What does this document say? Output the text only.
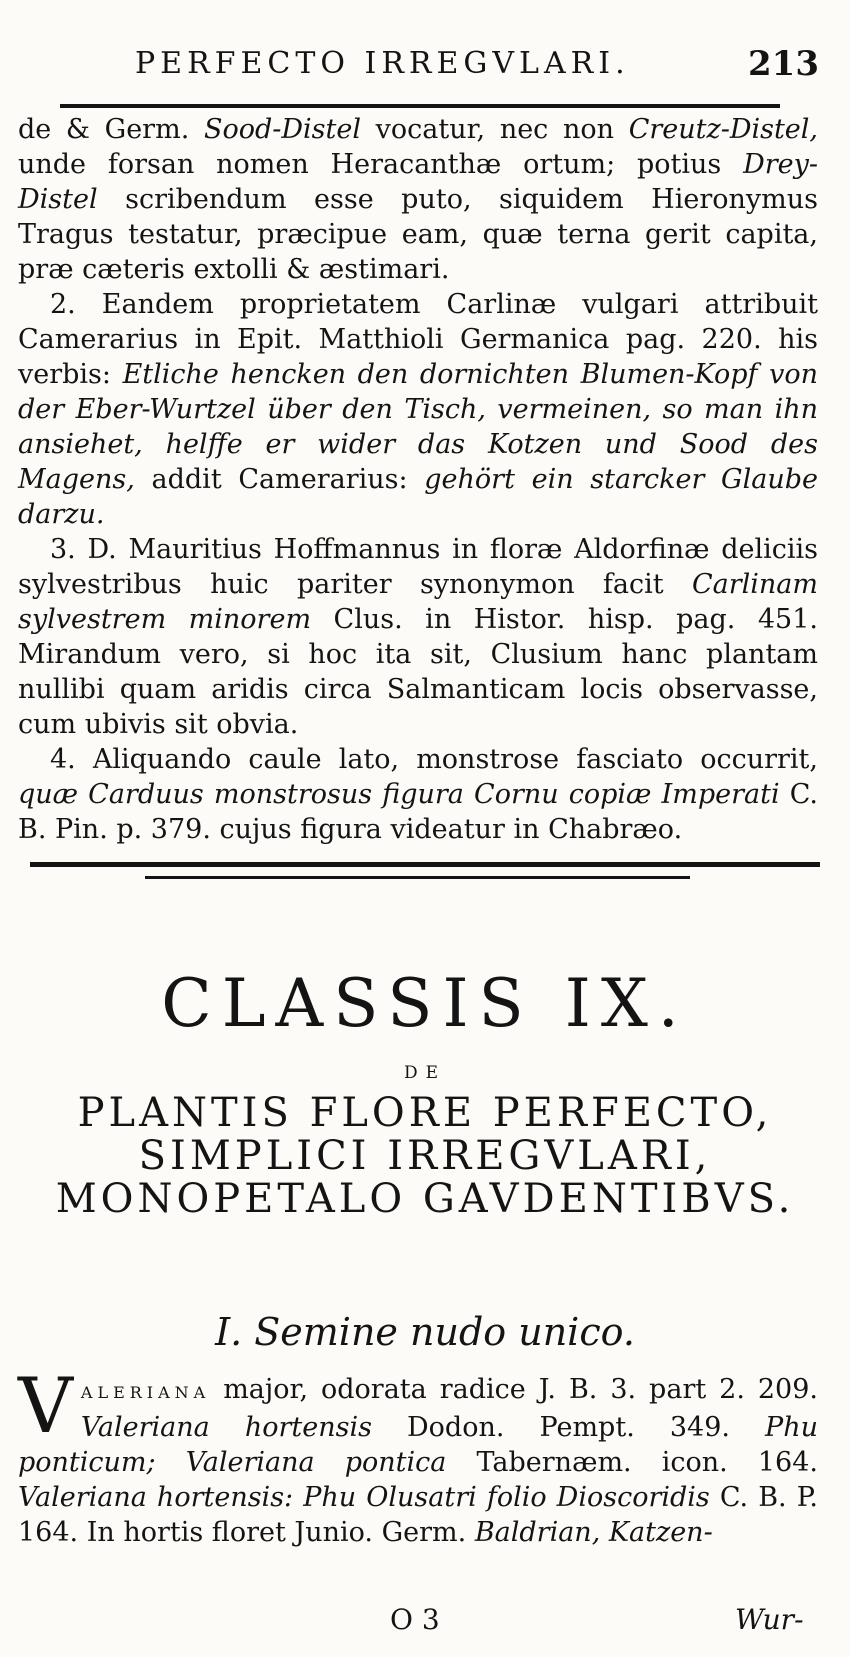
PERFECTO IRREGVLARI.	213

de & Germ. Sood-Distel vocatur, nec non Creutz-Distel, unde forsan nomen Heracanthæ ortum; potius Drey-Distel scribendum esse puto, siquidem Hieronymus Tragus testatur, præcipue eam, quæ terna gerit capita, præ cæteris extolli & æstimari.

2. Eandem proprietatem Carlinæ vulgari attribuit Camerarius in Epit. Matthioli Germanica pag. 220. his verbis: Etliche hencken den dornichten Blumen-Kopf von der Eber-Wurtzel über den Tisch, vermeinen, so man ihn ansiehet, helffe er wider das Kotzen und Sood des Magens, addit Camerarius: gehört ein starcker Glaube darzu.

3. D. Mauritius Hoffmannus in floræ Aldorfinæ deliciis sylvestribus huic pariter synonymon facit Carlinam sylvestrem minorem Clus. in Histor. hisp. pag. 451. Mirandum vero, si hoc ita sit, Clusium hanc plantam nullibi quam aridis circa Salmanticam locis observasse, cum ubivis sit obvia.

4. Aliquando caule lato, monstrose fasciato occurrit, quæ Carduus monstrosus figura Cornu copiæ Imperati C. B. Pin. p. 379. cujus figura videatur in Chabræo.

CLASSIS IX.
DE
PLANTIS FLORE PERFECTO, SIMPLICI IRREGVLARI, MONOPETALO GAVDENTIBVS.
I. Semine nudo unico.

VALERIANA major, odorata radice J. B. 3. part 2. 209. Valeriana hortensis Dodon. Pempt. 349. Phu ponticum; Valeriana pontica Tabernæm. icon. 164. Valeriana hortensis: Phu Olusatri folio Dioscoridis C. B. P. 164. In hortis floret Junio. Germ. Baldrian, Katzen-

O 3	Wur-
